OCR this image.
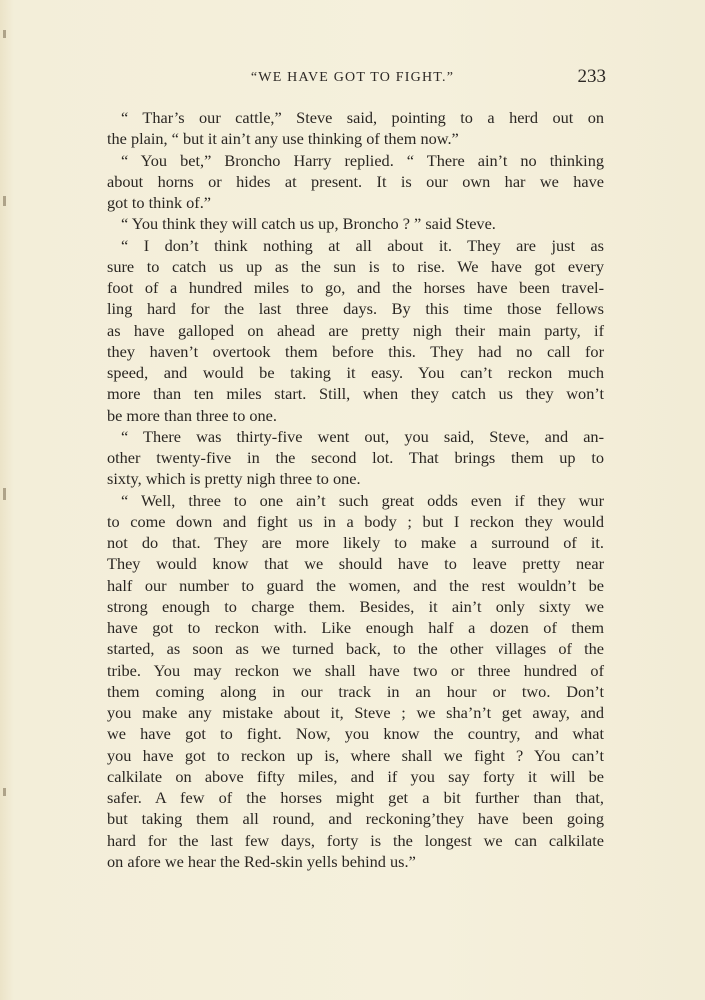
“WE HAVE GOT TO FIGHT.”	233
“ Thar’s our cattle,” Steve said, pointing to a herd out on
the plain, “ but it ain’t any use thinking of them now.”
“ You bet,” Broncho Harry replied. “ There ain’t no thinking
about horns or hides at present. It is our own har we have
got to think of.”
“ You think they will catch us up, Broncho ? ” said Steve.
“ I don’t think nothing at all about it. They are just as
sure to catch us up as the sun is to rise. We have got every
foot of a hundred miles to go, and the horses have been travel-
ling hard for the last three days. By this time those fellows
as have galloped on ahead are pretty nigh their main party, if
they haven’t overtook them before this. They had no call for
speed, and would be taking it easy. You can’t reckon much
more than ten miles start. Still, when they catch us they won’t
be more than three to one.
“ There was thirty-five went out, you said, Steve, and an-
other twenty-five in the second lot. That brings them up to
sixty, which is pretty nigh three to one.
“ Well, three to one ain’t such great odds even if they wur
to come down and fight us in a body ; but I reckon they would
not do that. They are more likely to make a surround of it.
They would know that we should have to leave pretty near
half our number to guard the women, and the rest wouldn’t be
strong enough to charge them. Besides, it ain’t only sixty we
have got to reckon with. Like enough half a dozen of them
started, as soon as we turned back, to the other villages of the
tribe. You may reckon we shall have two or three hundred of
them coming along in our track in an hour or two. Don’t
you make any mistake about it, Steve ; we sha’n’t get away, and
we have got to fight. Now, you know the country, and what
you have got to reckon up is, where shall we fight ? You can’t
calkilate on above fifty miles, and if you say forty it will be
safer. A few of the horses might get a bit further than that,
but taking them all round, and reckoning’they have been going
hard for the last few days, forty is the longest we can calkilate
on afore we hear the Red-skin yells behind us.”
